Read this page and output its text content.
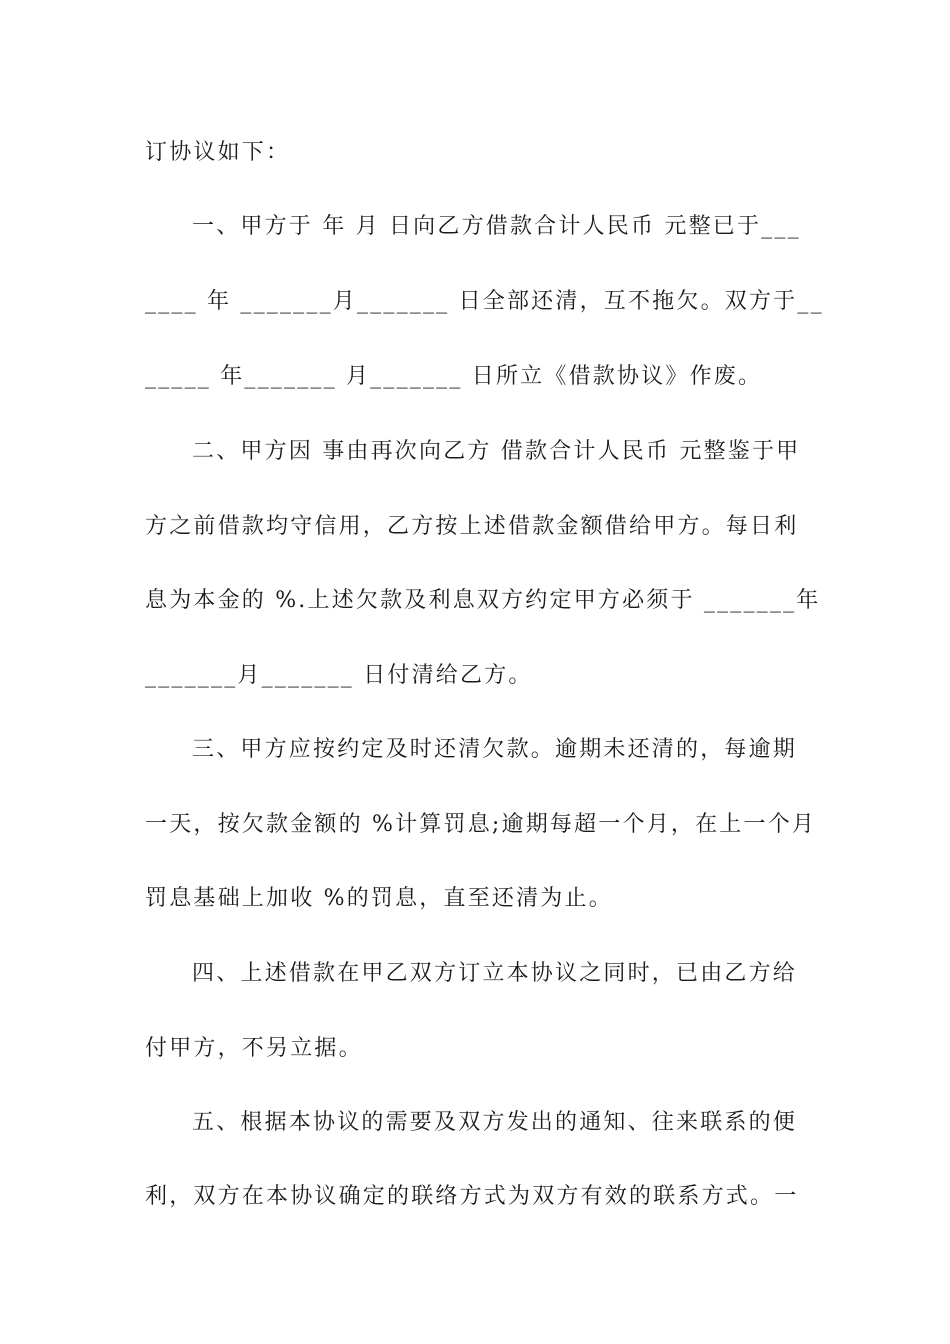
订协议如下：
一、甲方于 年 月 日向乙方借款合计人民币 元整已于___
____ 年 _______月_______ 日全部还清，互不拖欠。双方于__
_____ 年_______ 月_______ 日所立《借款协议》作废。
二、甲方因 事由再次向乙方 借款合计人民币 元整鉴于甲
方之前借款均守信用，乙方按上述借款金额借给甲方。每日利
息为本金的 %.上述欠款及利息双方约定甲方必须于 _______年
_______月_______ 日付清给乙方。
三、甲方应按约定及时还清欠款。逾期未还清的，每逾期
一天，按欠款金额的 %计算罚息;逾期每超一个月，在上一个月
罚息基础上加收 %的罚息，直至还清为止。
四、上述借款在甲乙双方订立本协议之同时，已由乙方给
付甲方，不另立据。
五、根据本协议的需要及双方发出的通知、往来联系的便
利，双方在本协议确定的联络方式为双方有效的联系方式。一
